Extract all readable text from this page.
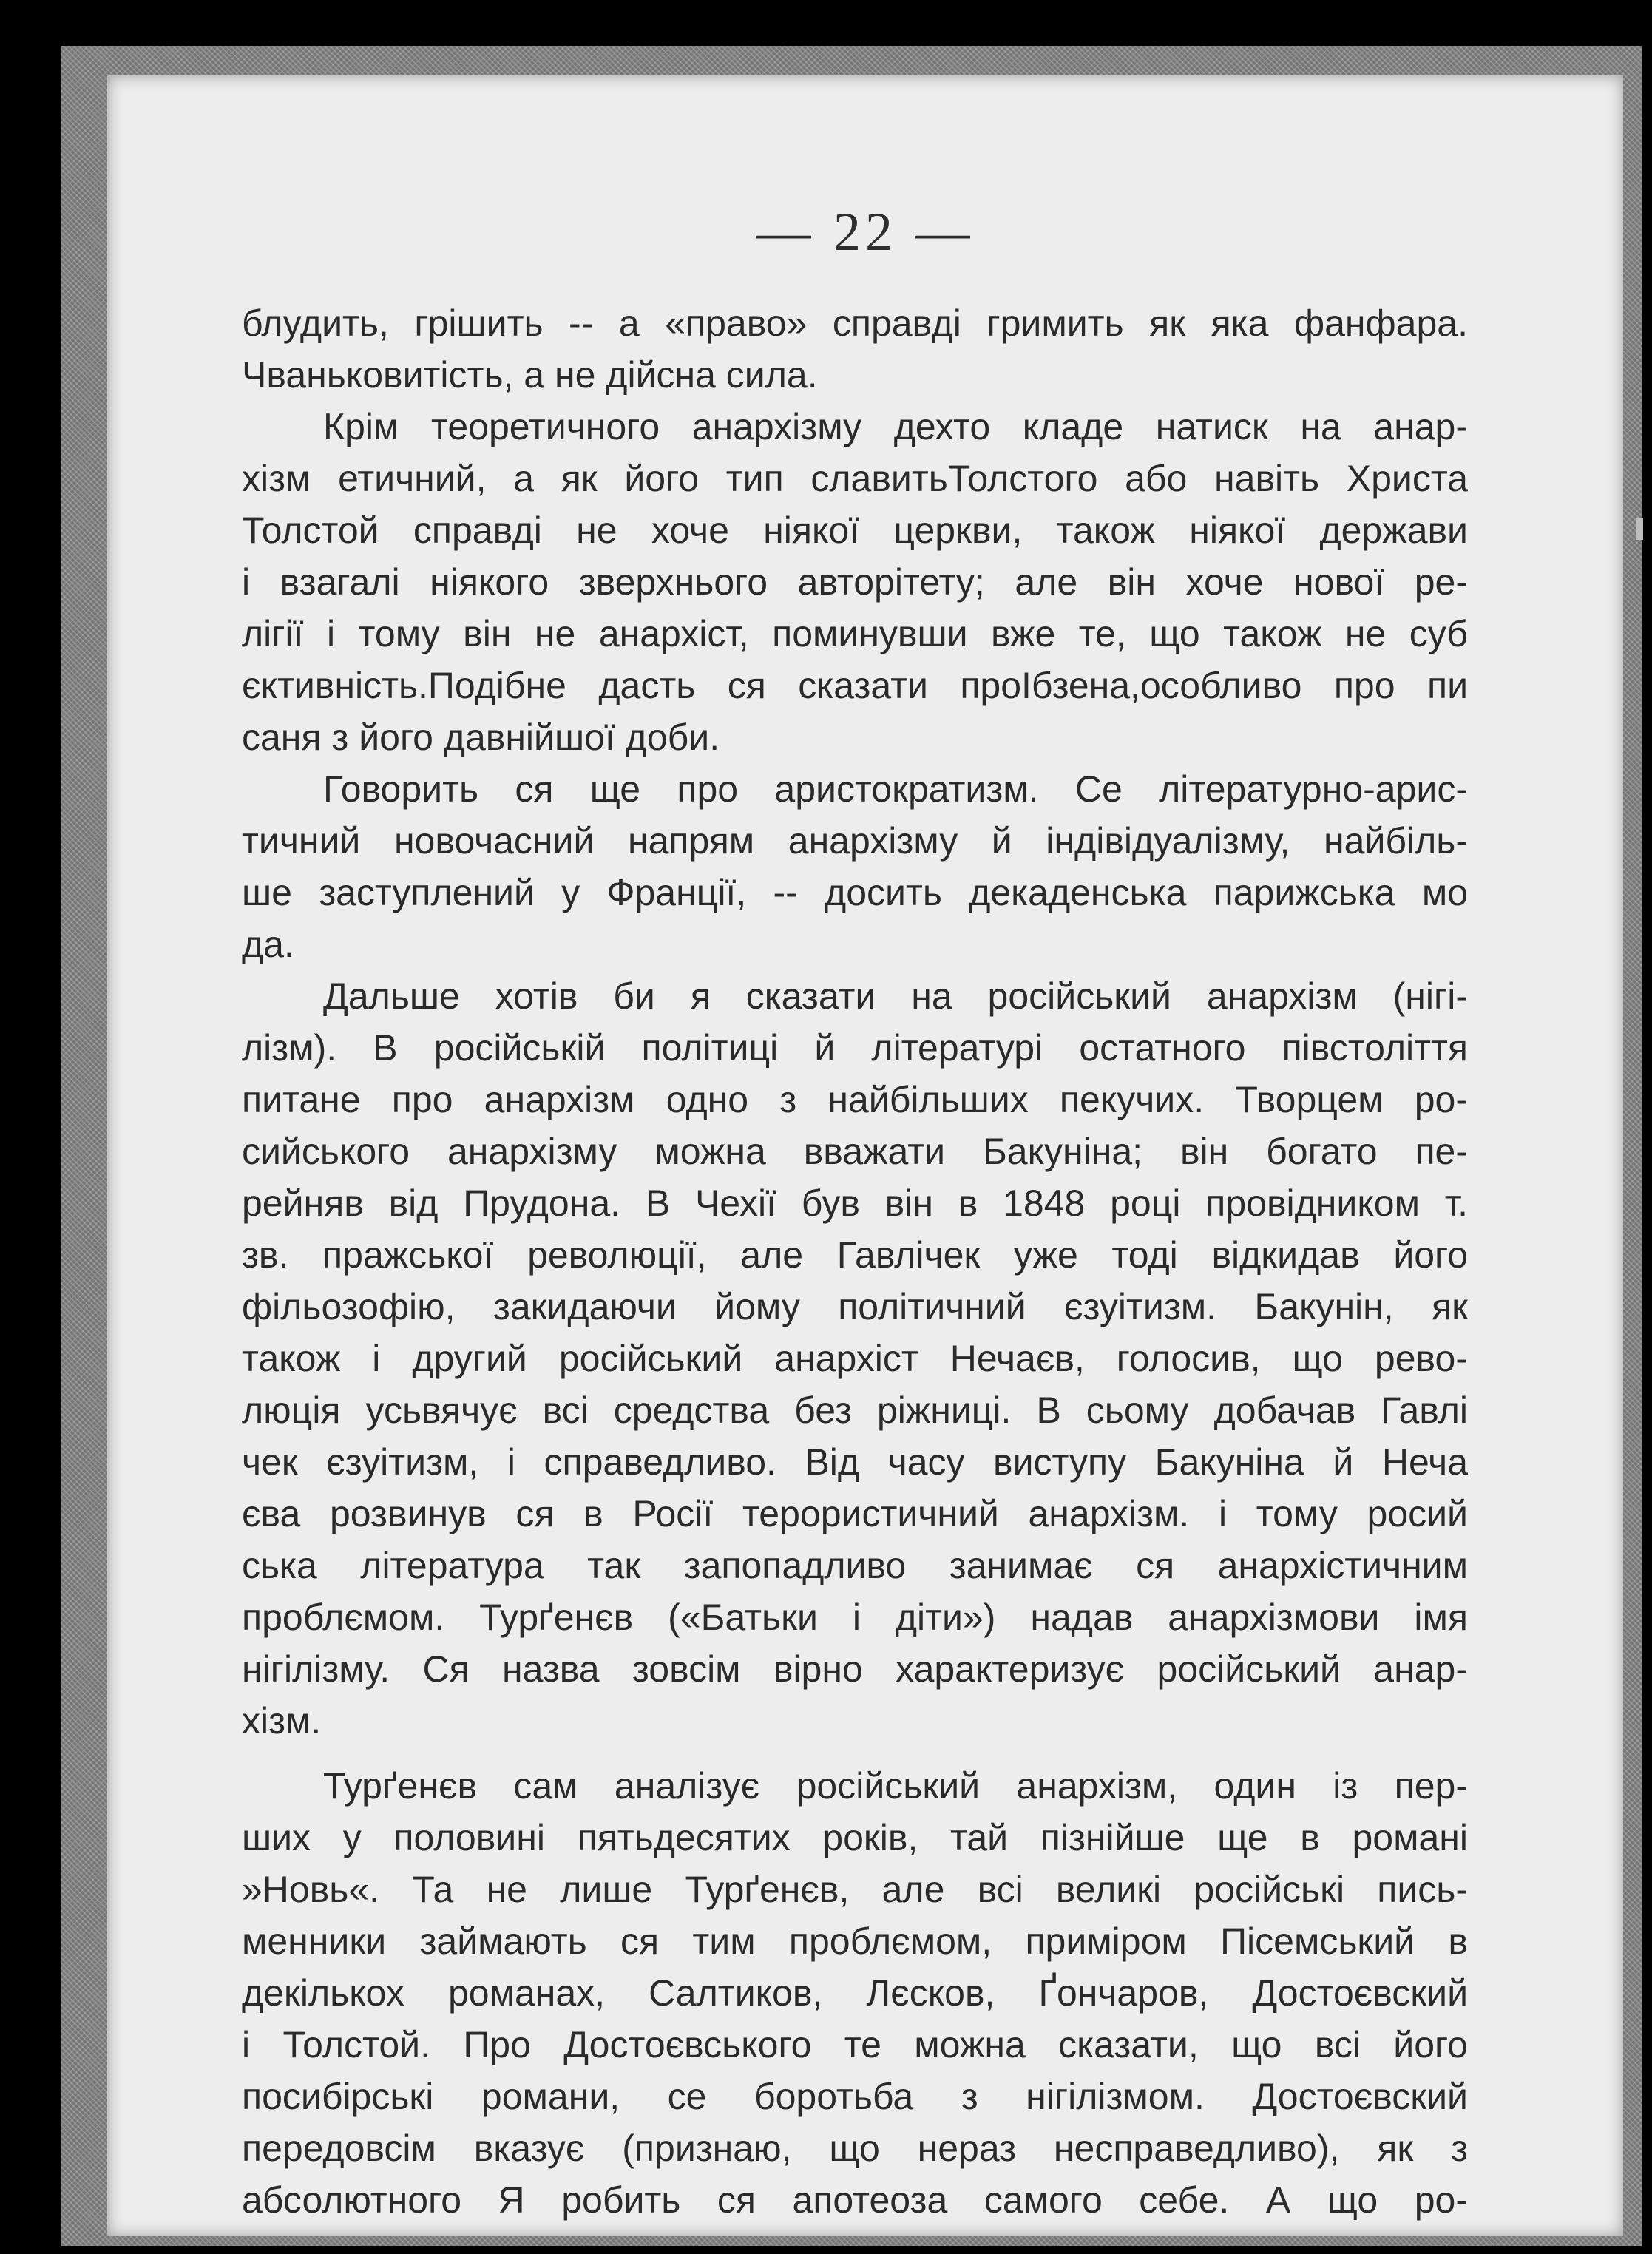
— 22 —
блудить, грішить -- а «право» справді гримить як яка фанфара.
Чваньковитість, а не дійсна сила.
Крім теоретичного анархізму дехто кладе натиск на анар-
хізм етичний, а як його тип славитьТолстого або навіть Христа
Толстой справді не хоче ніякої церкви, також ніякої держави
і взагалі ніякого зверхнього авторітету; але він хоче нової ре-
лігії і тому він не анархіст, поминувши вже те, що також не суб
єктивність.Подібне дасть ся сказати проІбзена,особливо про пи
саня з його давнійшої доби.
Говорить ся ще про аристократизм. Се літературно-арис-
тичний новочасний напрям анархізму й індівідуалізму, найбіль-
ше заступлений у Франції, -- досить декаденська парижська мо
да.
Дальше хотів би я сказати на російський анархізм (нігі-
лізм). В російській політиці й літературі остатного півстоліття
питане про анархізм одно з найбільших пекучих. Творцем ро-
сийського анархізму можна вважати Бакуніна; він богато пе-
рейняв від Прудона. В Чехії був він в 1848 році провідником т.
зв. пражської революції, але Гавлічек уже тоді відкидав його
фільозофію, закидаючи йому політичний єзуітизм. Бакунін, як
також і другий російський анархіст Нечаєв, голосив, що рево-
люція усьвячує всі средства без ріжниці. В сьому добачав Гавлі
чек єзуітизм, і справедливо. Від часу виступу Бакуніна й Неча
єва розвинув ся в Росії терористичний анархізм. і тому росий
ська література так запопадливо занимає ся анархістичним
проблємом. Турґенєв («Батьки і діти») надав анархізмови імя
нігілізму. Ся назва зовсім вірно характеризує російський анар-
хізм.
Турґенєв сам аналізує російський анархізм, один із пер-
ших у половині пятьдесятих років, тай пізнійше ще в романі
»Новь«. Та не лише Турґенєв, але всі великі російські пись-
менники займають ся тим проблємом, приміром Пісемський в
декількох романах, Салтиков, Лєсков, Ґончаров, Достоєвский
і Толстой. Про Достоєвського те можна сказати, що всі його
посибірські романи, се боротьба з нігілізмом. Достоєвский
передовсім вказує (признаю, що нераз несправедливо), як з
абсолютного Я робить ся апотеоза самого себе. А що ро-
